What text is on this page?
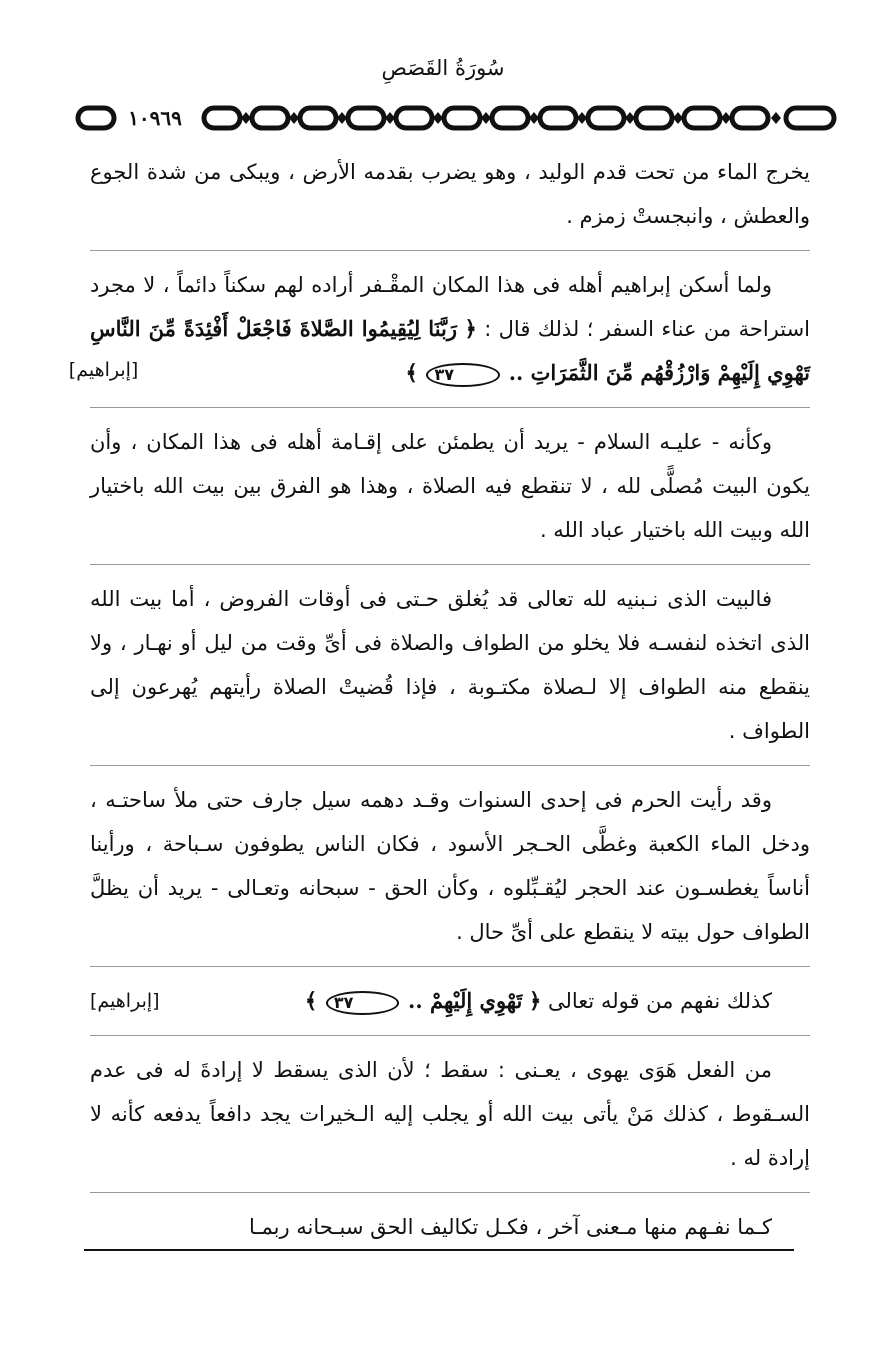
سُورَةُ القَصَصِ
١٠٩٦٩

يخرج الماء من تحت قدم الوليد ، وهو يضرب بقدمه الأرض ، ويبكى من شدة الجوع والعطش ، وانبجستْ زمزم .

ولما أسكن إبراهيم أهله فى هذا المكان المقْـفر أراده لهم سكناً دائماً ، لا مجرد استراحة من عناء السفر ؛ لذلك قال : ﴿ رَبَّنَا لِيُقِيمُوا الصَّلاةَ فَاجْعَلْ أَفْئِدَةً مِّنَ النَّاسِ تَهْوِي إِلَيْهِمْ وَارْزُقْهُم مِّنَ الثَّمَرَاتِ .. ٣٧ ﴾
[إبراهيم]

وكأنه - عليـه السلام - يريد أن يطمئن على إقـامة أهله فى هذا المكان ، وأن يكون البيت مُصلًّى لله ، لا تنقطع فيه الصلاة ، وهذا هو الفرق بين بيت الله باختيار الله وبيت الله باختيار عباد الله .

فالبيت الذى نـبنيه لله تعالى قد يُغلق حـتى فى أوقات الفروض ، أما بيت الله الذى اتخذه لنفسـه فلا يخلو من الطواف والصلاة فى أىِّ وقت من ليل أو نهـار ، ولا ينقطع منه الطواف إلا لـصلاة مكتـوبة ، فإذا قُضيتْ الصلاة رأيتهم يُهرعون إلى الطواف .

وقد رأيت الحرم فى إحدى السنوات وقـد دهمه سيل جارف حتى ملأ ساحتـه ، ودخل الماء الكعبة وغطَّى الحـجر الأسود ، فكان الناس يطوفون سـباحة ، ورأينا أناساً يغطسـون عند الحجر ليُقـبِّلوه ، وكأن الحق - سبحانه وتعـالى - يريد أن يظلَّ الطواف حول بيته لا ينقطع على أىِّ حال .

كذلك نفهم من قوله تعالى ﴿ تَهْوِي إِلَيْهِمْ .. ٣٧ ﴾
[إبراهيم]

من الفعل هَوَى يهوى ، يعـنى : سقط ؛ لأن الذى يسقط لا إرادةَ له فى عدم السـقوط ، كذلك مَنْ يأتى بيت الله أو يجلب إليه الـخيرات يجد دافعاً يدفعه كأنه لا إرادة له .

كـما نفـهم منها مـعنى آخر ، فكـل تكاليف الحق سبـحانه ربمـا
